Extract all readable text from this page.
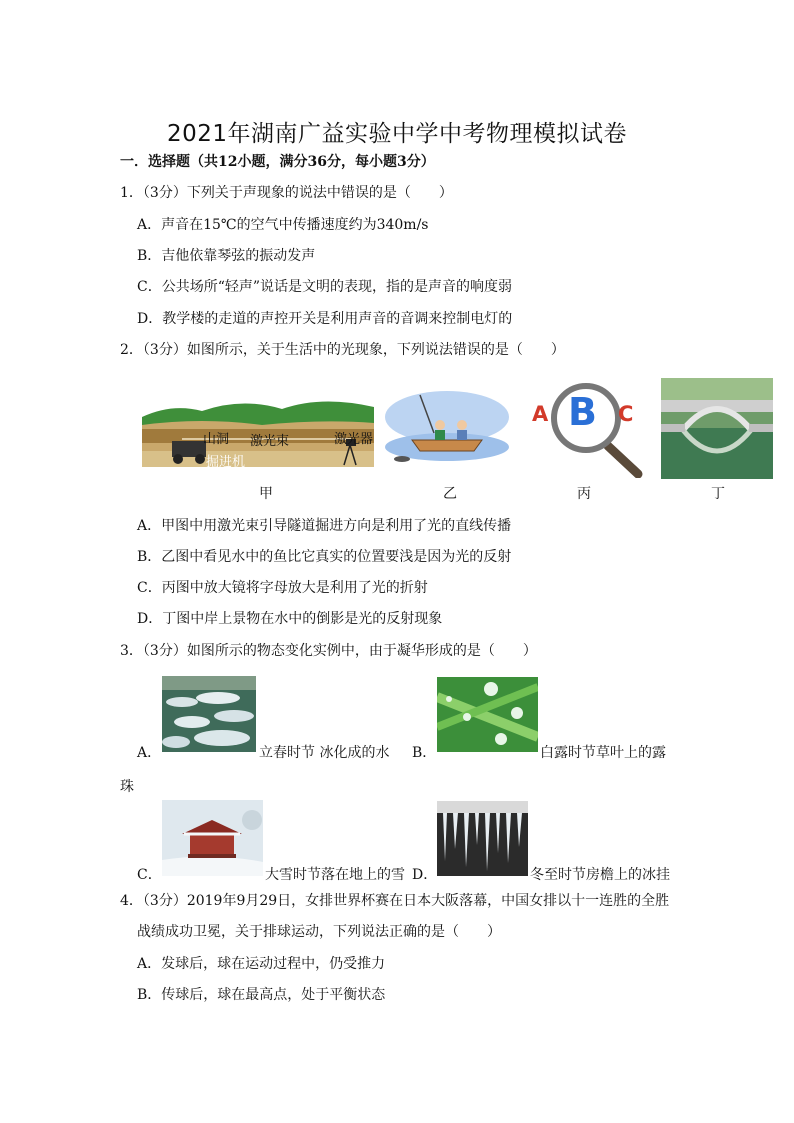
2021年湖南广益实验中学中考物理模拟试卷
一．选择题（共12小题，满分36分，每小题3分）
1．（3分）下列关于声现象的说法中错误的是（　　）
A．声音在15℃的空气中传播速度约为340m/s
B．吉他依靠琴弦的振动发声
C．公共场所“轻声”说话是文明的表现，指的是声音的响度弱
D．教学楼的走道的声控开关是利用声音的音调来控制电灯的
2．（3分）如图所示，关于生活中的光现象，下列说法错误的是（　　）
山洞 激光束	激光器
掘进机
A B C
甲	乙	丙	丁
A．甲图中用激光束引导隧道掘进方向是利用了光的直线传播
B．乙图中看见水中的鱼比它真实的位置要浅是因为光的反射
C．丙图中放大镜将字母放大是利用了光的折射
D．丁图中岸上景物在水中的倒影是光的反射现象
3．（3分）如图所示的物态变化实例中，由于凝华形成的是（　　）
A．	立春时节 冰化成的水 B．	白露时节草叶上的露
珠
C．	大雪时节落在地上的雪 D．	冬至时节房檐上的冰挂
4．（3分）2019年9月29日，女排世界杯赛在日本大阪落幕，中国女排以十一连胜的全胜
战绩成功卫冕，关于排球运动，下列说法正确的是（　　）
A．发球后，球在运动过程中，仍受推力
B．传球后，球在最高点，处于平衡状态
